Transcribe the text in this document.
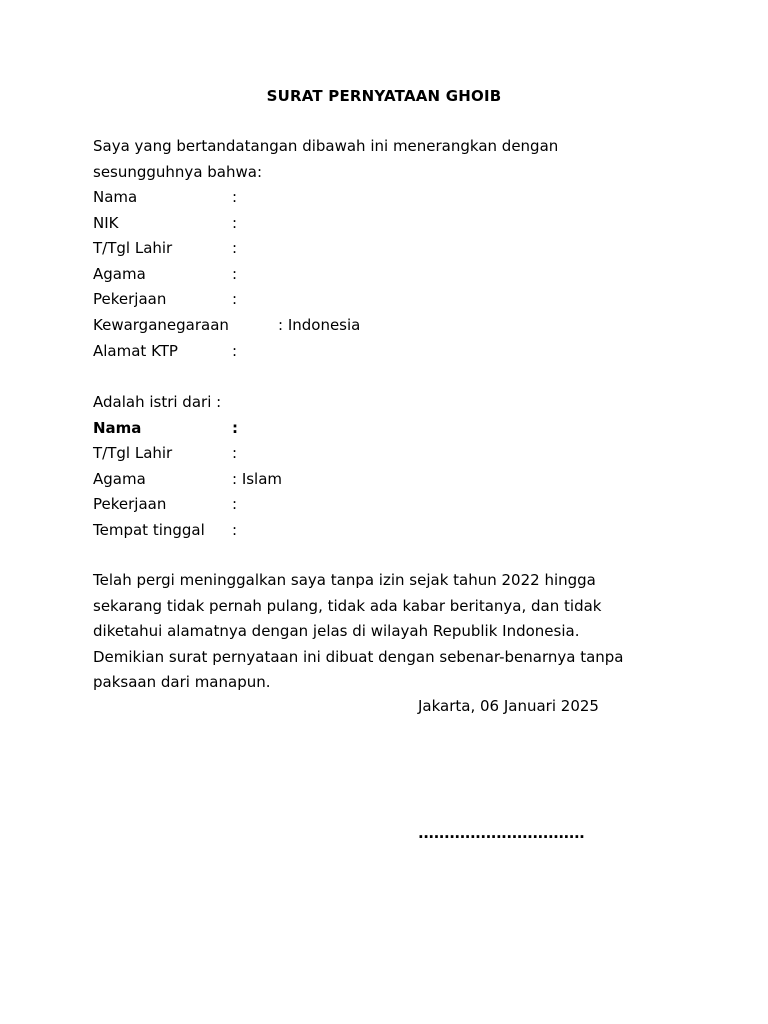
SURAT PERNYATAAN GHOIB

Saya yang bertandatangan dibawah ini menerangkan dengan

sesungguhnya bahwa:

Nama	:
NIK	:
T/Tgl Lahir	:
Agama	:
Pekerjaan	:
Kewarganegaraan	: Indonesia
Alamat KTP	:
Adalah istri dari :
Nama	:
T/Tgl Lahir	:
Agama	: Islam
Pekerjaan	:
Tempat tinggal :

Telah pergi meninggalkan saya tanpa izin sejak tahun 2022 hingga

sekarang tidak pernah pulang, tidak ada kabar beritanya, dan tidak

diketahui alamatnya dengan jelas di wilayah Republik Indonesia.

Demikian surat pernyataan ini dibuat dengan sebenar-benarnya tanpa

paksaan dari manapun.

Jakarta, 06 Januari 2025
................................
